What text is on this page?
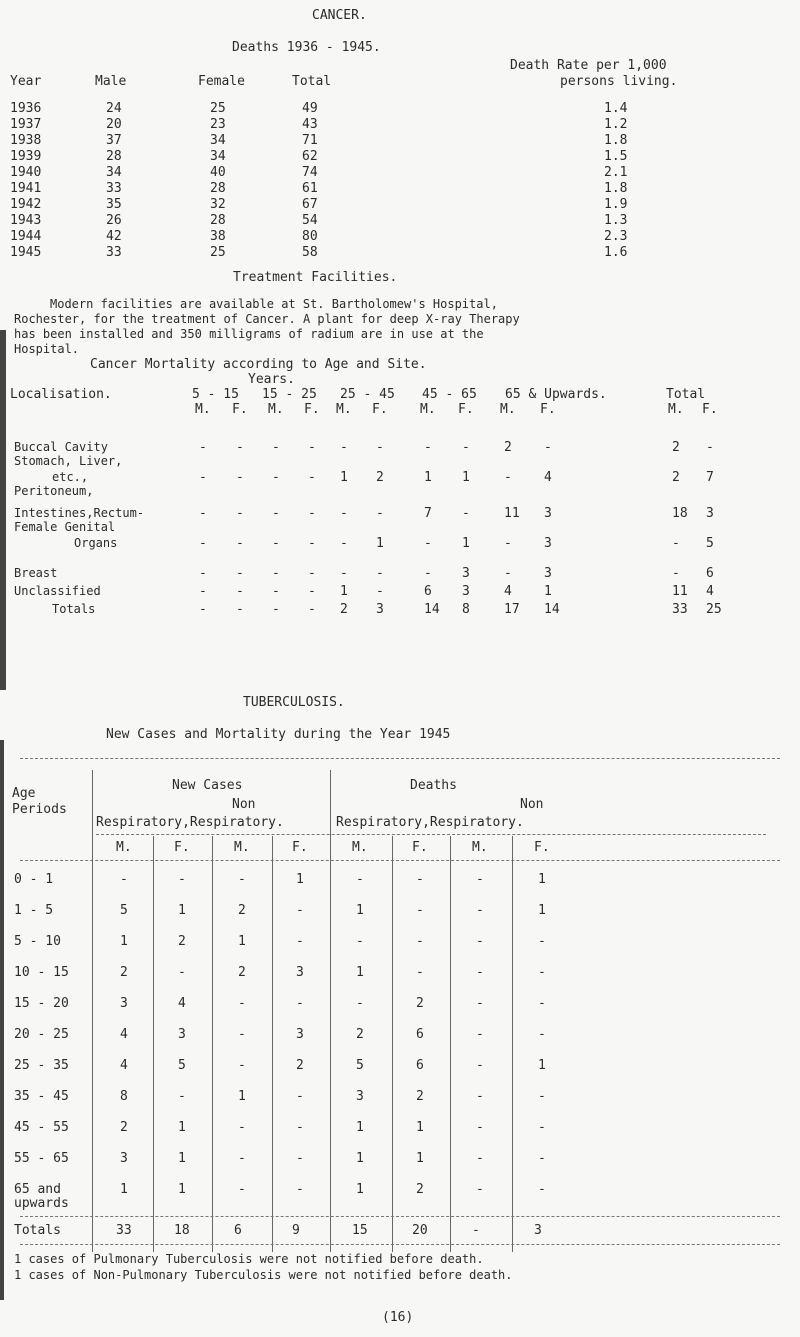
CANCER.
Deaths 1936 - 1945.
Death Rate per 1,000
persons living.
Year	Male	Female	Total
1936	24	25	49	1.4
1937	20	23	43	1.2
1938	37	34	71	1.8
1939	28	34	62	1.5
1940	34	40	74	2.1
1941	33	28	61	1.8
1942	35	32	67	1.9
1943	26	28	54	1.3
1944	42	38	80	2.3
1945	33	25	58	1.6
Treatment Facilities.
Modern facilities are available at St. Bartholomew's Hospital,
Rochester, for the treatment of Cancer. A plant for deep X-ray Therapy
has been installed and 350 milligrams of radium are in use at the
Hospital.
Cancer Mortality according to Age and Site.
Years.
Localisation.	5 - 15 15 - 25 25 - 45 45 - 65 65 & Upwards.	Total
M. F. M. F. M. F. M. F. M. F.	M. F.
Buccal Cavity	- - - - - -	- -	2 -	2 -
Stomach, Liver,
etc.,
Peritoneum,
- - - - 1 2	1 1	- 4	2 7
Intestines,Rectum-	- - - - - -	7 -	11 3	18 3
Female Genital
Organs	- - - - - 1	- 1	- 3	- 5
Breast	- - - - - -	- 3	- 3	- 6
Unclassified	- - - - 1 -	6 3	4 1	11 4
Totals	- - - - 2 3	14 8	17 14	33 25
TUBERCULOSIS.
New Cases and Mortality during the Year 1945
Age
Periods
New Cases	Deaths
Non	Non
Respiratory,Respiratory.	Respiratory,Respiratory.
M.	F.	M.	F.	M.	F.	M.	F.
0 - 1	-	-	-	1	-	-	-	1
1 - 5	5	1	2	-	1	-	-	1
5 - 10	1	2	1	-	-	-	-	-
10 - 15	2	-	2	3	1	-	-	-
15 - 20	3	4	-	-	-	2	-	-
20 - 25	4	3	-	3	2	6	-	-
25 - 35	4	5	-	2	5	6	-	1
35 - 45	8	-	1	-	3	2	-	-
45 - 55	2	1	-	-	1	1	-	-
55 - 65	3	1	-	-	1	1	-	-
65 and
upwards
1	1	-	-	1	2	-	-
Totals	33	18	6	9	15	20	-	3
1 cases of Pulmonary Tuberculosis were not notified before death.
1 cases of Non-Pulmonary Tuberculosis were not notified before death.
(16)
